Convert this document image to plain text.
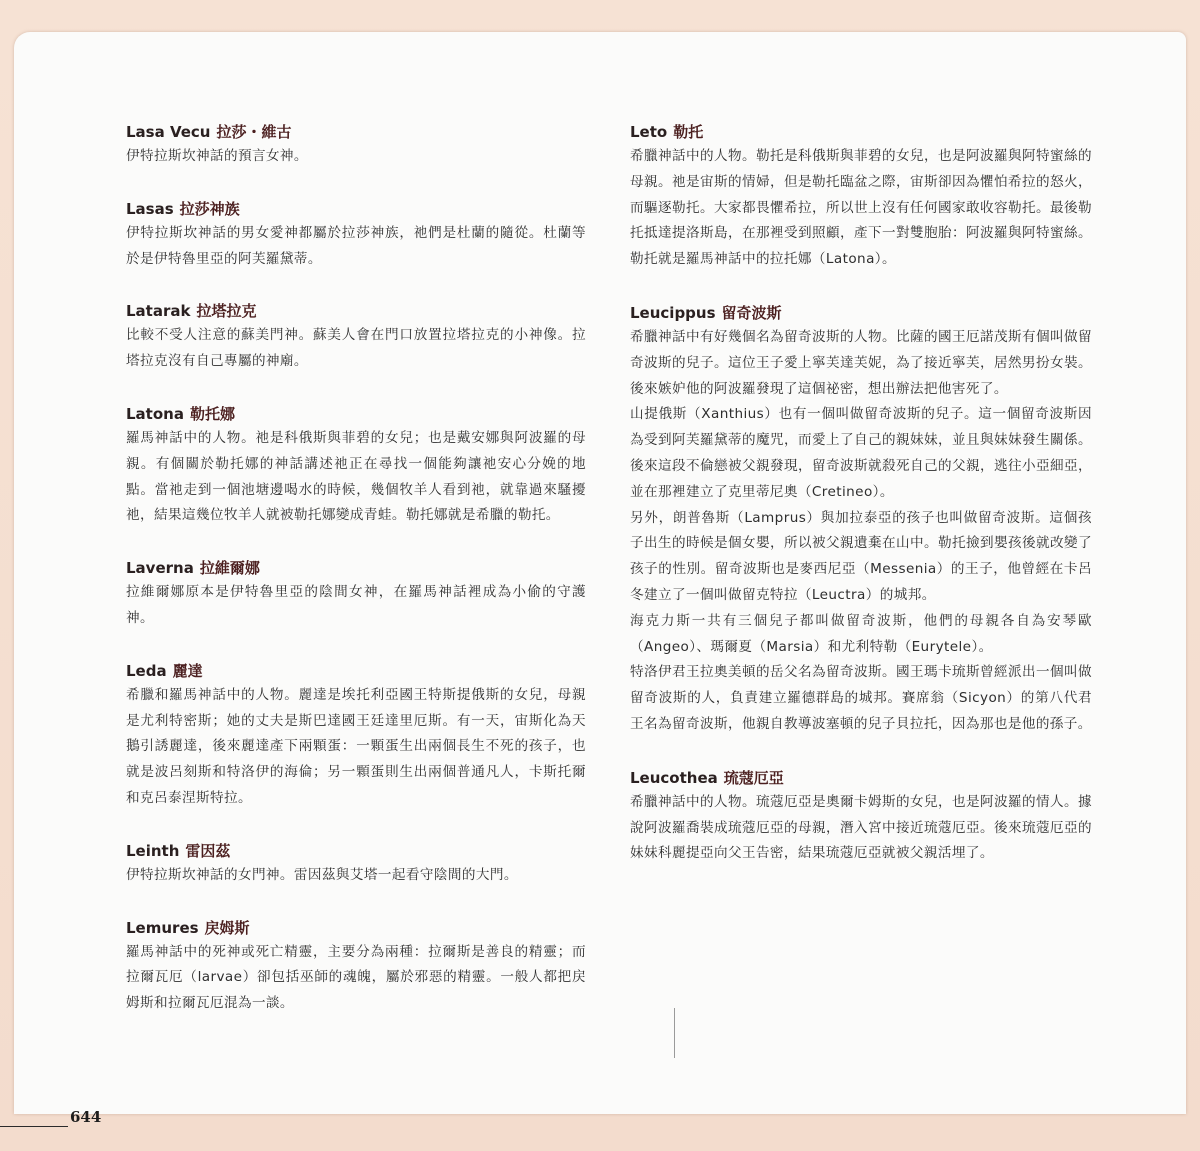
Lasa Vecu 拉莎・維古

伊特拉斯坎神話的預言女神。

Lasas 拉莎神族

伊特拉斯坎神話的男女愛神都屬於拉莎神族，祂們是杜蘭的隨從。杜蘭等於是伊特魯里亞的阿芙羅黛蒂。

Latarak 拉塔拉克

比較不受人注意的蘇美門神。蘇美人會在門口放置拉塔拉克的小神像。拉塔拉克沒有自己專屬的神廟。

Latona 勒托娜

羅馬神話中的人物。祂是科俄斯與菲碧的女兒；也是戴安娜與阿波羅的母親。有個關於勒托娜的神話講述祂正在尋找一個能夠讓祂安心分娩的地點。當祂走到一個池塘邊喝水的時候，幾個牧羊人看到祂，就靠過來騷擾祂，結果這幾位牧羊人就被勒托娜變成青蛙。勒托娜就是希臘的勒托。

Laverna 拉維爾娜

拉維爾娜原本是伊特魯里亞的陰間女神，在羅馬神話裡成為小偷的守護神。

Leda 麗達

希臘和羅馬神話中的人物。麗達是埃托利亞國王特斯提俄斯的女兒，母親是尤利特密斯；她的丈夫是斯巴達國王廷達里厄斯。有一天，宙斯化為天鵝引誘麗達，後來麗達產下兩顆蛋：一顆蛋生出兩個長生不死的孩子，也就是波呂刻斯和特洛伊的海倫；另一顆蛋則生出兩個普通凡人，卡斯托爾和克呂泰涅斯特拉。

Leinth 雷因茲

伊特拉斯坎神話的女門神。雷因茲與艾塔一起看守陰間的大門。

Lemures 戻姆斯

羅馬神話中的死神或死亡精靈，主要分為兩種：拉爾斯是善良的精靈；而拉爾瓦厄（larvae）卻包括巫師的魂魄，屬於邪惡的精靈。一般人都把戻姆斯和拉爾瓦厄混為一談。

Leto 勒托

希臘神話中的人物。勒托是科俄斯與菲碧的女兒，也是阿波羅與阿特蜜絲的母親。祂是宙斯的情婦，但是勒托臨盆之際，宙斯卻因為懼怕希拉的怒火，而驅逐勒托。大家都畏懼希拉，所以世上沒有任何國家敢收容勒托。最後勒托抵達提洛斯島，在那裡受到照顧，產下一對雙胞胎：阿波羅與阿特蜜絲。勒托就是羅馬神話中的拉托娜（Latona）。

Leucippus 留奇波斯

希臘神話中有好幾個名為留奇波斯的人物。比薩的國王厄諾茂斯有個叫做留奇波斯的兒子。這位王子愛上寧芙達芙妮，為了接近寧芙，居然男扮女裝。後來嫉妒他的阿波羅發現了這個祕密，想出辦法把他害死了。

山提俄斯（Xanthius）也有一個叫做留奇波斯的兒子。這一個留奇波斯因為受到阿芙羅黛蒂的魔咒，而愛上了自己的親妹妹，並且與妹妹發生關係。後來這段不倫戀被父親發現，留奇波斯就殺死自己的父親，逃往小亞細亞，並在那裡建立了克里蒂尼奧（Cretineo）。

另外，朗普魯斯（Lamprus）與加拉泰亞的孩子也叫做留奇波斯。這個孩子出生的時候是個女嬰，所以被父親遺棄在山中。勒托撿到嬰孩後就改變了孩子的性別。留奇波斯也是麥西尼亞（Messenia）的王子，他曾經在卡呂冬建立了一個叫做留克特拉（Leuctra）的城邦。

海克力斯一共有三個兒子都叫做留奇波斯，他們的母親各自為安琴歐（Angeo）、瑪爾夏（Marsia）和尤利特勒（Eurytele）。

特洛伊君王拉奧美頓的岳父名為留奇波斯。國王瑪卡琉斯曾經派出一個叫做留奇波斯的人，負責建立羅德群島的城邦。賽席翁（Sicyon）的第八代君王名為留奇波斯，他親自教導波塞頓的兒子貝拉托，因為那也是他的孫子。

Leucothea 琉蔻厄亞

希臘神話中的人物。琉蔻厄亞是奧爾卡姆斯的女兒，也是阿波羅的情人。據說阿波羅喬裝成琉蔻厄亞的母親，潛入宮中接近琉蔻厄亞。後來琉蔻厄亞的妹妹科麗提亞向父王告密，結果琉蔻厄亞就被父親活埋了。

644
